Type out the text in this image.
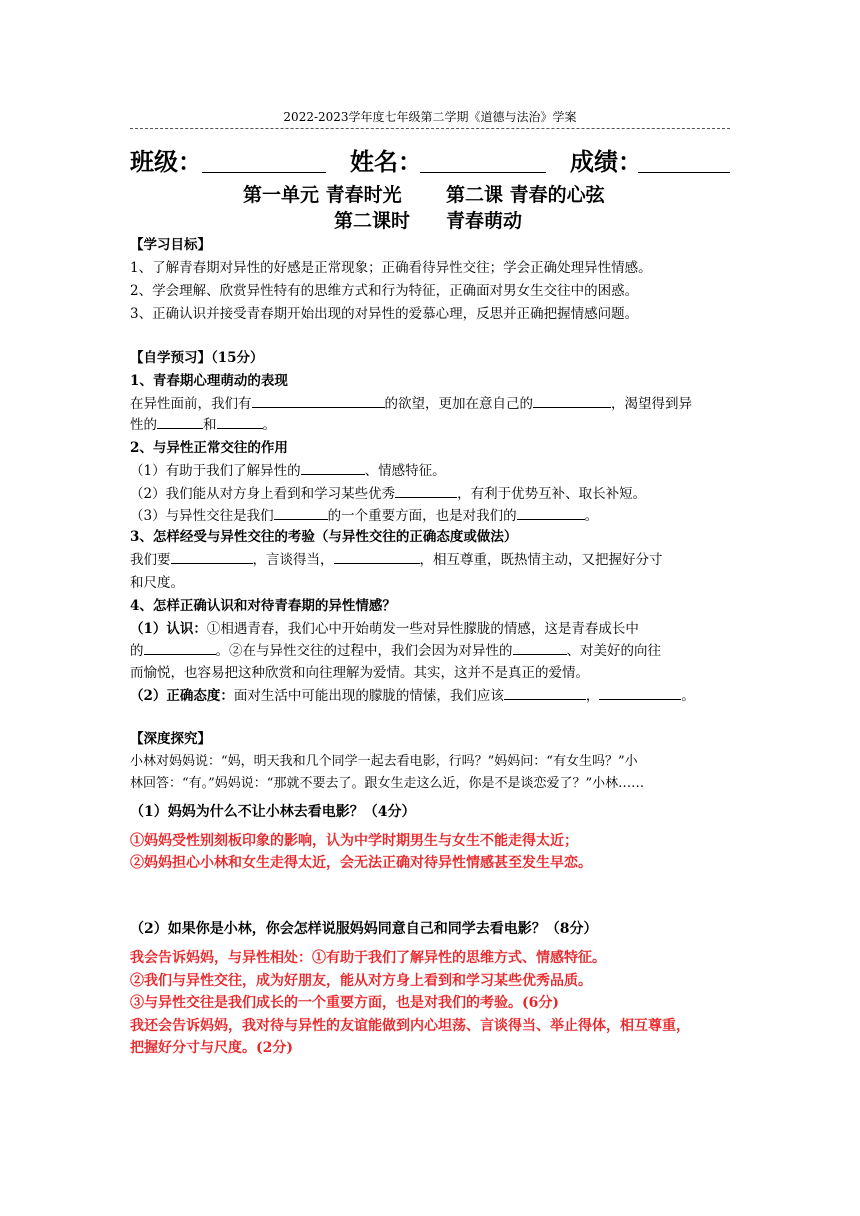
2022-2023学年度七年级第二学期《道德与法治》学案
班级：	姓名：	成绩：
第一单元 青春时光 第二课 青春的心弦
第二课时 青春萌动
【学习目标】
1、了解青春期对异性的好感是正常现象；正确看待异性交往；学会正确处理异性情感。
2、学会理解、欣赏异性特有的思维方式和行为特征，正确面对男女生交往中的困惑。
3、正确认识并接受青春期开始出现的对异性的爱慕心理，反思并正确把握情感问题。
【自学预习】（15分）
1、青春期心理萌动的表现
在异性面前，我们有	的欲望，更加在意自己的	，渴望得到异
性的	和	。
2、与异性正常交往的作用
（1）有助于我们了解异性的	、情感特征。
（2）我们能从对方身上看到和学习某些优秀	，有利于优势互补、取长补短。
（3）与异性交往是我们	的一个重要方面，也是对我们的	。
3、怎样经受与异性交往的考验（与异性交往的正确态度或做法）
我们要	，言谈得当，	，相互尊重，既热情主动，又把握好分寸
和尺度。
4、怎样正确认识和对待青春期的异性情感？
（1）认识：①相遇青春，我们心中开始萌发一些对异性朦胧的情感，这是青春成长中
的	。②在与异性交往的过程中，我们会因为对异性的	、对美好的向往
而愉悦，也容易把这种欣赏和向往理解为爱情。其实，这并不是真正的爱情。
（2）正确态度：面对生活中可能出现的朦胧的情愫，我们应该	，	。
【深度探究】
小林对妈妈说：“妈，明天我和几个同学一起去看电影，行吗？”妈妈问：“有女生吗？”小
林回答：“有。”妈妈说：“那就不要去了。跟女生走这么近，你是不是谈恋爱了？”小林……
（1）妈妈为什么不让小林去看电影？（4分）
①妈妈受性别刻板印象的影响，认为中学时期男生与女生不能走得太近；
②妈妈担心小林和女生走得太近，会无法正确对待异性情感甚至发生早恋。
（2）如果你是小林，你会怎样说服妈妈同意自己和同学去看电影？（8分）
我会告诉妈妈，与异性相处：①有助于我们了解异性的思维方式、情感特征。
②我们与异性交往，成为好朋友，能从对方身上看到和学习某些优秀品质。
③与异性交往是我们成长的一个重要方面，也是对我们的考验。(6分)
我还会告诉妈妈，我对待与异性的友谊能做到内心坦荡、言谈得当、举止得体，相互尊重，
把握好分寸与尺度。(2分)
